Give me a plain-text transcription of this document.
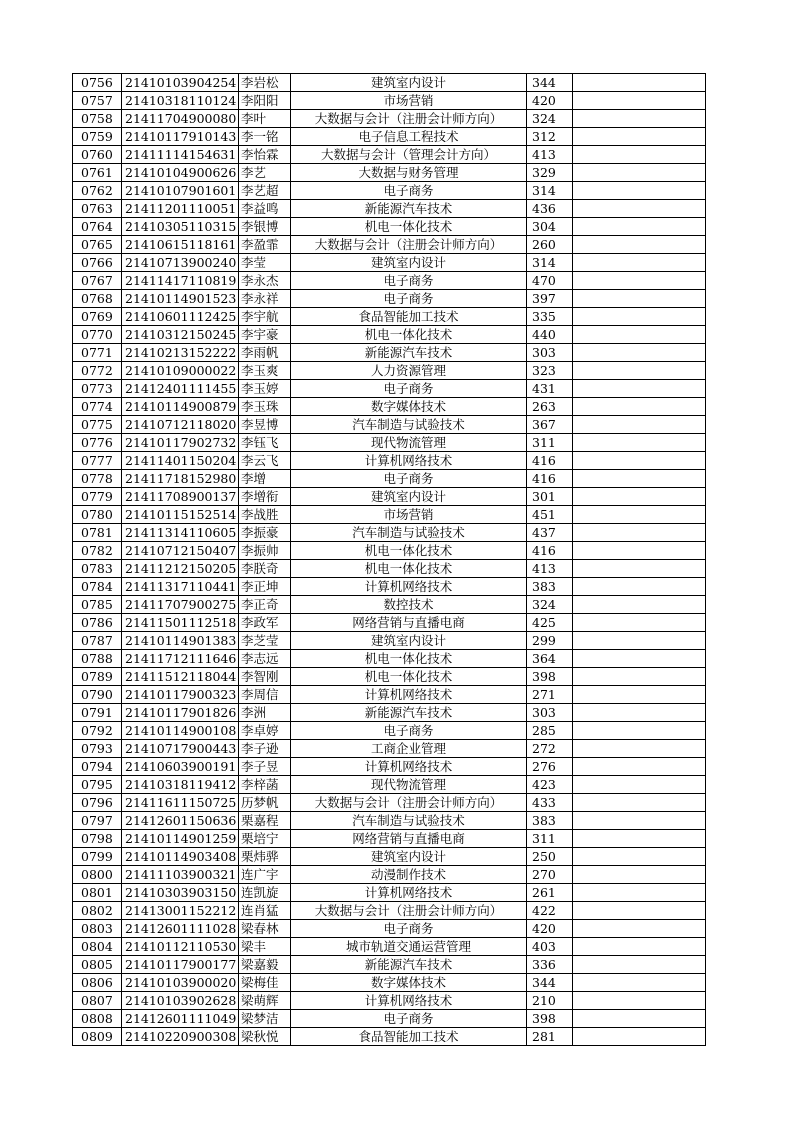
0756	21410103904254	李岩松	建筑室内设计	344	
0757	21410318110124	李阳阳	市场营销	420	
0758	21411704900080	李叶	大数据与会计（注册会计师方向）	324	
0759	21410117910143	李一铭	电子信息工程技术	312	
0760	21411114154631	李怡霖	大数据与会计（管理会计方向）	413	
0761	21410104900626	李艺	大数据与财务管理	329	
0762	21410107901601	李艺超	电子商务	314	
0763	21411201110051	李益鸣	新能源汽车技术	436	
0764	21410305110315	李银博	机电一体化技术	304	
0765	21410615118161	李盈霏	大数据与会计（注册会计师方向）	260	
0766	21410713900240	李莹	建筑室内设计	314	
0767	21411417110819	李永杰	电子商务	470	
0768	21410114901523	李永祥	电子商务	397	
0769	21410601112425	李宇航	食品智能加工技术	335	
0770	21410312150245	李宇豪	机电一体化技术	440	
0771	21410213152222	李雨帆	新能源汽车技术	303	
0772	21410109000022	李玉爽	人力资源管理	323	
0773	21412401111455	李玉婷	电子商务	431	
0774	21410114900879	李玉珠	数字媒体技术	263	
0775	21410712118020	李昱博	汽车制造与试验技术	367	
0776	21410117902732	李钰飞	现代物流管理	311	
0777	21411401150204	李云飞	计算机网络技术	416	
0778	21411718152980	李增	电子商务	416	
0779	21411708900137	李增衔	建筑室内设计	301	
0780	21410115152514	李战胜	市场营销	451	
0781	21411314110605	李振豪	汽车制造与试验技术	437	
0782	21410712150407	李振帅	机电一体化技术	416	
0783	21411212150205	李朕奇	机电一体化技术	413	
0784	21411317110441	李正坤	计算机网络技术	383	
0785	21411707900275	李正奇	数控技术	324	
0786	21411501112518	李政军	网络营销与直播电商	425	
0787	21410114901383	李芝莹	建筑室内设计	299	
0788	21411712111646	李志远	机电一体化技术	364	
0789	21411512118044	李智刚	机电一体化技术	398	
0790	21410117900323	李周信	计算机网络技术	271	
0791	21410117901826	李洲	新能源汽车技术	303	
0792	21410114900108	李卓婷	电子商务	285	
0793	21410717900443	李子逊	工商企业管理	272	
0794	21410603900191	李子昱	计算机网络技术	276	
0795	21410318119412	李梓菡	现代物流管理	423	
0796	21411611150725	历梦帆	大数据与会计（注册会计师方向）	433	
0797	21412601150636	栗嘉程	汽车制造与试验技术	383	
0798	21410114901259	栗培宁	网络营销与直播电商	311	
0799	21410114903408	栗炜骅	建筑室内设计	250	
0800	21411103900321	连广宇	动漫制作技术	270	
0801	21410303903150	连凯旋	计算机网络技术	261	
0802	21413001152212	连肖猛	大数据与会计（注册会计师方向）	422	
0803	21412601111028	梁春林	电子商务	420	
0804	21410112110530	梁丰	城市轨道交通运营管理	403	
0805	21410117900177	梁嘉毅	新能源汽车技术	336	
0806	21410103900020	梁梅佳	数字媒体技术	344	
0807	21410103902628	梁萌辉	计算机网络技术	210	
0808	21412601111049	梁梦洁	电子商务	398	
0809	21410220900308	梁秋悦	食品智能加工技术	281	
